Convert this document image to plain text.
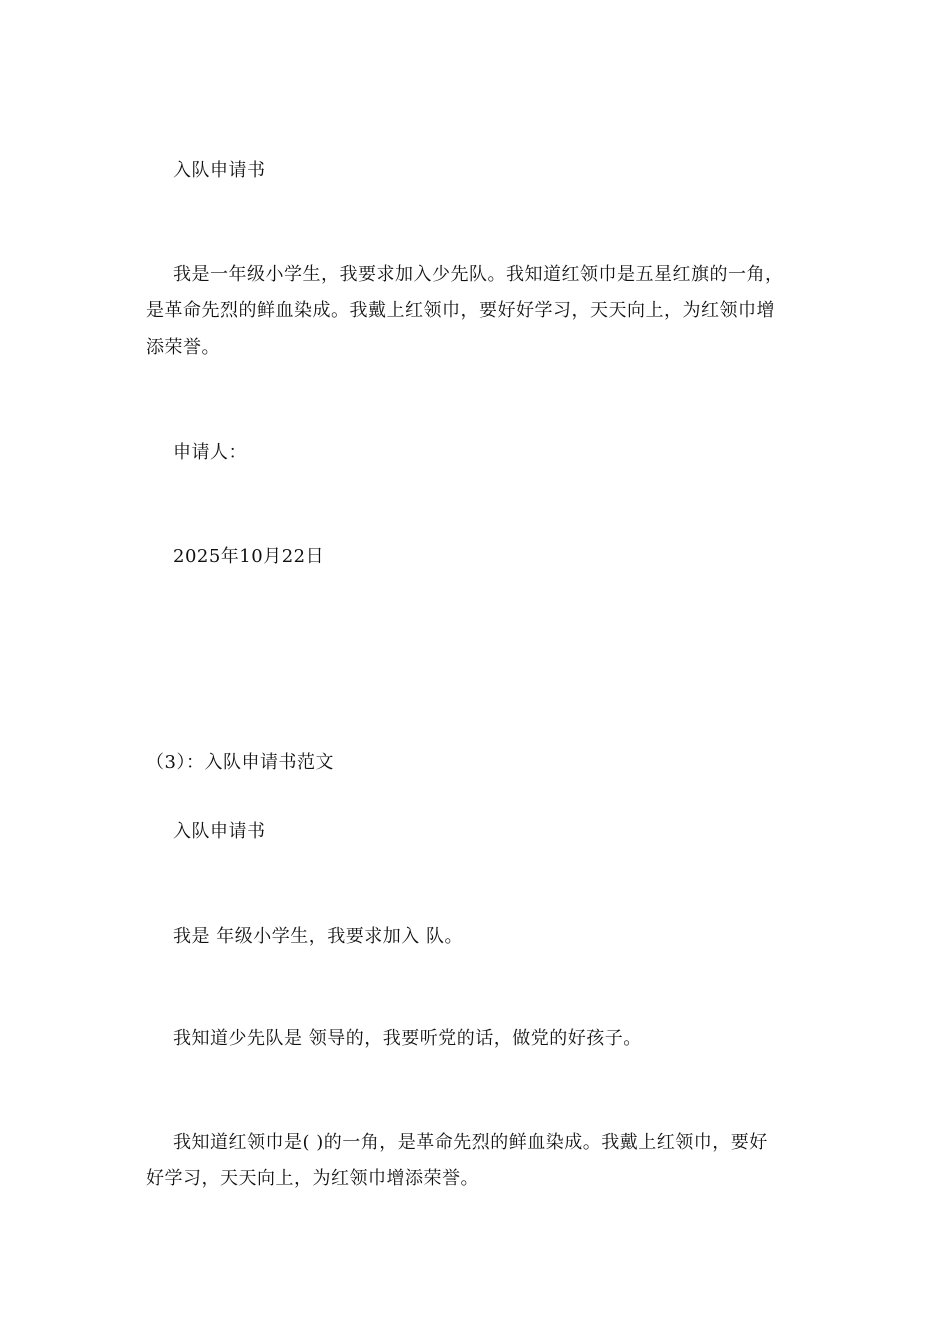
入队申请书
我是一年级小学生，我要求加入少先队。我知道红领巾是五星红旗的一角，
是革命先烈的鲜血染成。我戴上红领巾，要好好学习，天天向上，为红领巾增
添荣誉。
申请人：
2025年10月22日
（3）：入队申请书范文
入队申请书
我是 年级小学生，我要求加入 队。
我知道少先队是 领导的，我要听党的话，做党的好孩子。
我知道红领巾是( )的一角，是革命先烈的鲜血染成。我戴上红领巾，要好
好学习，天天向上，为红领巾增添荣誉。
